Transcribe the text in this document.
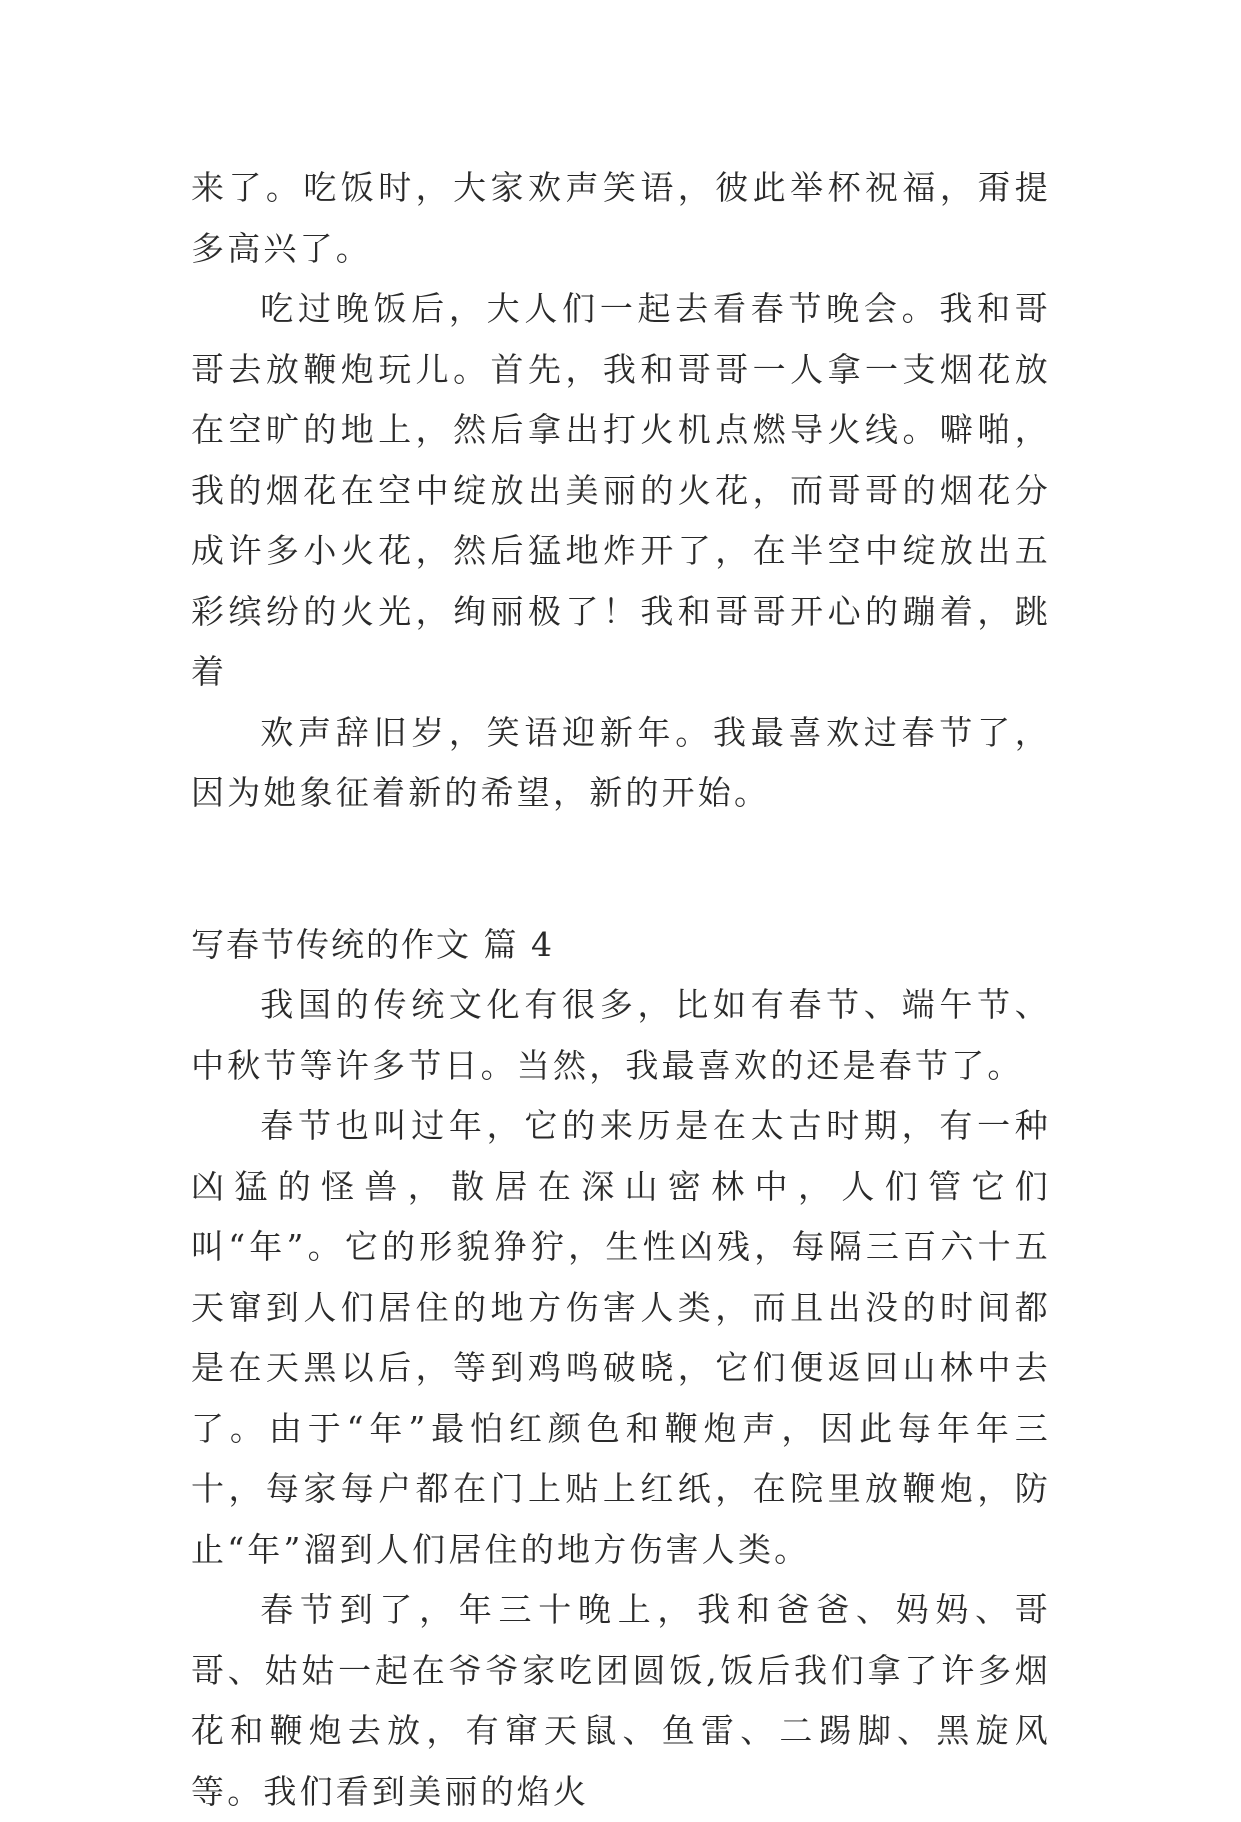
来了。吃饭时，大家欢声笑语，彼此举杯祝福，甭提多高兴了。

吃过晚饭后，大人们一起去看春节晚会。我和哥哥去放鞭炮玩儿。首先，我和哥哥一人拿一支烟花放在空旷的地上，然后拿出打火机点燃导火线。噼啪，我的烟花在空中绽放出美丽的火花，而哥哥的烟花分成许多小火花，然后猛地炸开了，在半空中绽放出五彩缤纷的火光，绚丽极了！我和哥哥开心的蹦着，跳着

欢声辞旧岁，笑语迎新年。我最喜欢过春节了，因为她象征着新的希望，新的开始。

写春节传统的作文 篇 4

我国的传统文化有很多，比如有春节、端午节、中秋节等许多节日。当然，我最喜欢的还是春节了。

春节也叫过年，它的来历是在太古时期，有一种凶猛的怪兽，散居在深山密林中，人们管它们叫“年”。它的形貌狰狞，生性凶残，每隔三百六十五天窜到人们居住的地方伤害人类，而且出没的时间都是在天黑以后，等到鸡鸣破晓，它们便返回山林中去了。由于“年”最怕红颜色和鞭炮声，因此每年年三十，每家每户都在门上贴上红纸，在院里放鞭炮，防止“年”溜到人们居住的地方伤害人类。

春节到了，年三十晚上，我和爸爸、妈妈、哥哥、姑姑一起在爷爷家吃团圆饭,饭后我们拿了许多烟花和鞭炮去放，有窜天鼠、鱼雷、二踢脚、黑旋风等。我们看到美丽的焰火
